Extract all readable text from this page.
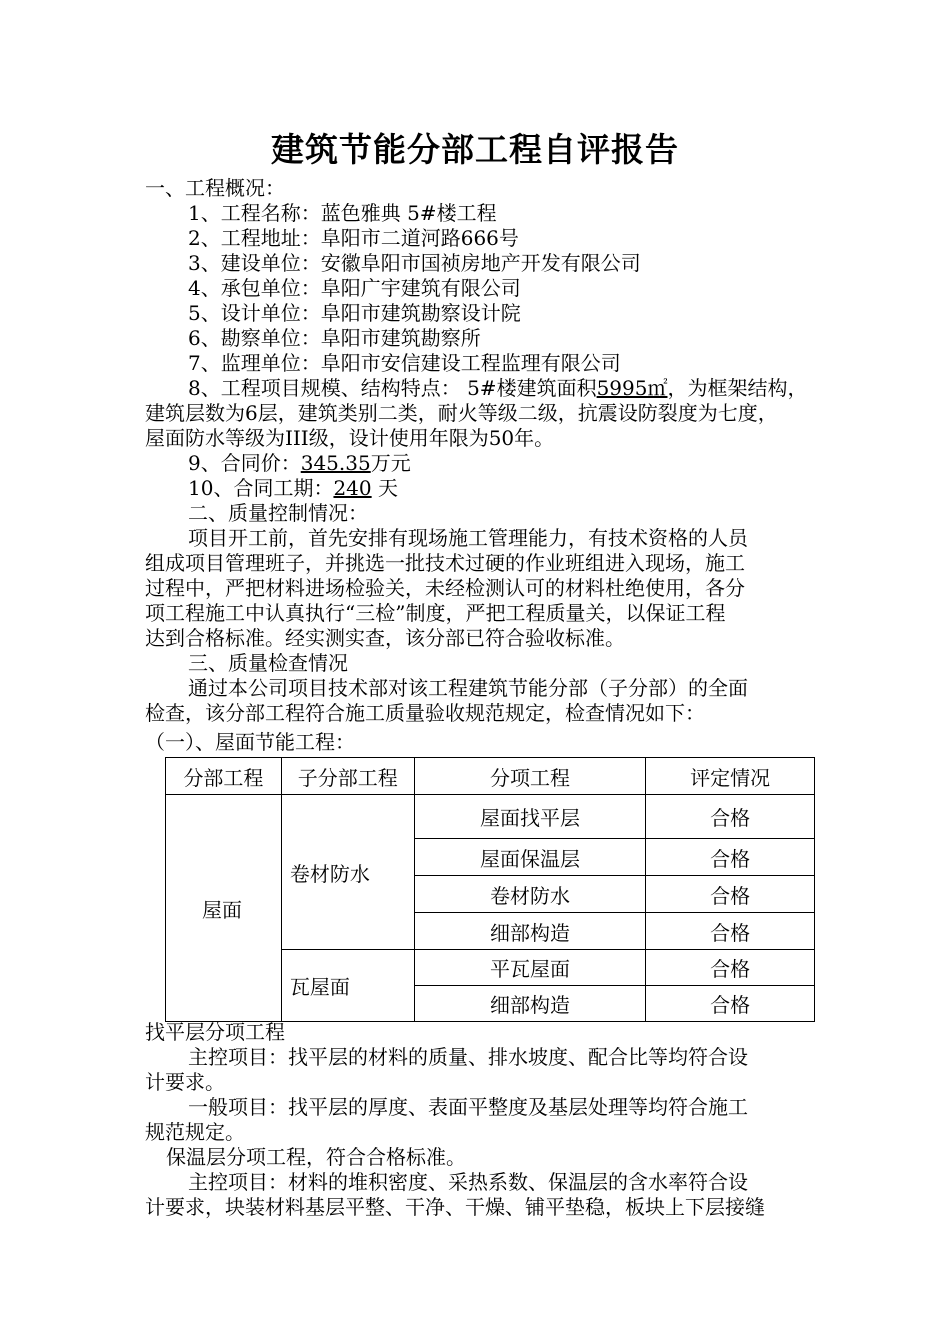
建筑节能分部工程自评报告
一、工程概况：
1、工程名称：蓝色雅典 5#楼工程
2、工程地址：阜阳市二道河路666号
3、建设单位：安徽阜阳市国祯房地产开发有限公司
4、承包单位：阜阳广宇建筑有限公司
5、设计单位：阜阳市建筑勘察设计院
6、勘察单位：阜阳市建筑勘察所
7、监理单位：阜阳市安信建设工程监理有限公司
8、工程项目规模、结构特点： 5#楼建筑面积5995㎡，为框架结构，
建筑层数为6层，建筑类别二类，耐火等级二级，抗震设防裂度为七度，
屋面防水等级为III级，设计使用年限为50年。
9、合同价：345.35万元
10、合同工期：240 天
二、质量控制情况：
项目开工前，首先安排有现场施工管理能力，有技术资格的人员
组成项目管理班子，并挑选一批技术过硬的作业班组进入现场，施工
过程中，严把材料进场检验关，未经检测认可的材料杜绝使用，各分
项工程施工中认真执行“三检”制度，严把工程质量关，以保证工程
达到合格标准。经实测实查，该分部已符合验收标准。
三、质量检查情况
通过本公司项目技术部对该工程建筑节能分部（子分部）的全面
检查，该分部工程符合施工质量验收规范规定，检查情况如下：
（一）、屋面节能工程：
分部工程	子分部工程	分项工程	评定情况
屋面	卷材防水	屋面找平层	合格
		屋面保温层	合格
		卷材防水	合格
		细部构造	合格
	瓦屋面	平瓦屋面	合格
		细部构造	合格
找平层分项工程
主控项目：找平层的材料的质量、排水坡度、配合比等均符合设
计要求。
一般项目：找平层的厚度、表面平整度及基层处理等均符合施工
规范规定。
保温层分项工程，符合合格标准。
主控项目：材料的堆积密度、采热系数、保温层的含水率符合设
计要求，块装材料基层平整、干净、干燥、铺平垫稳，板块上下层接缝
